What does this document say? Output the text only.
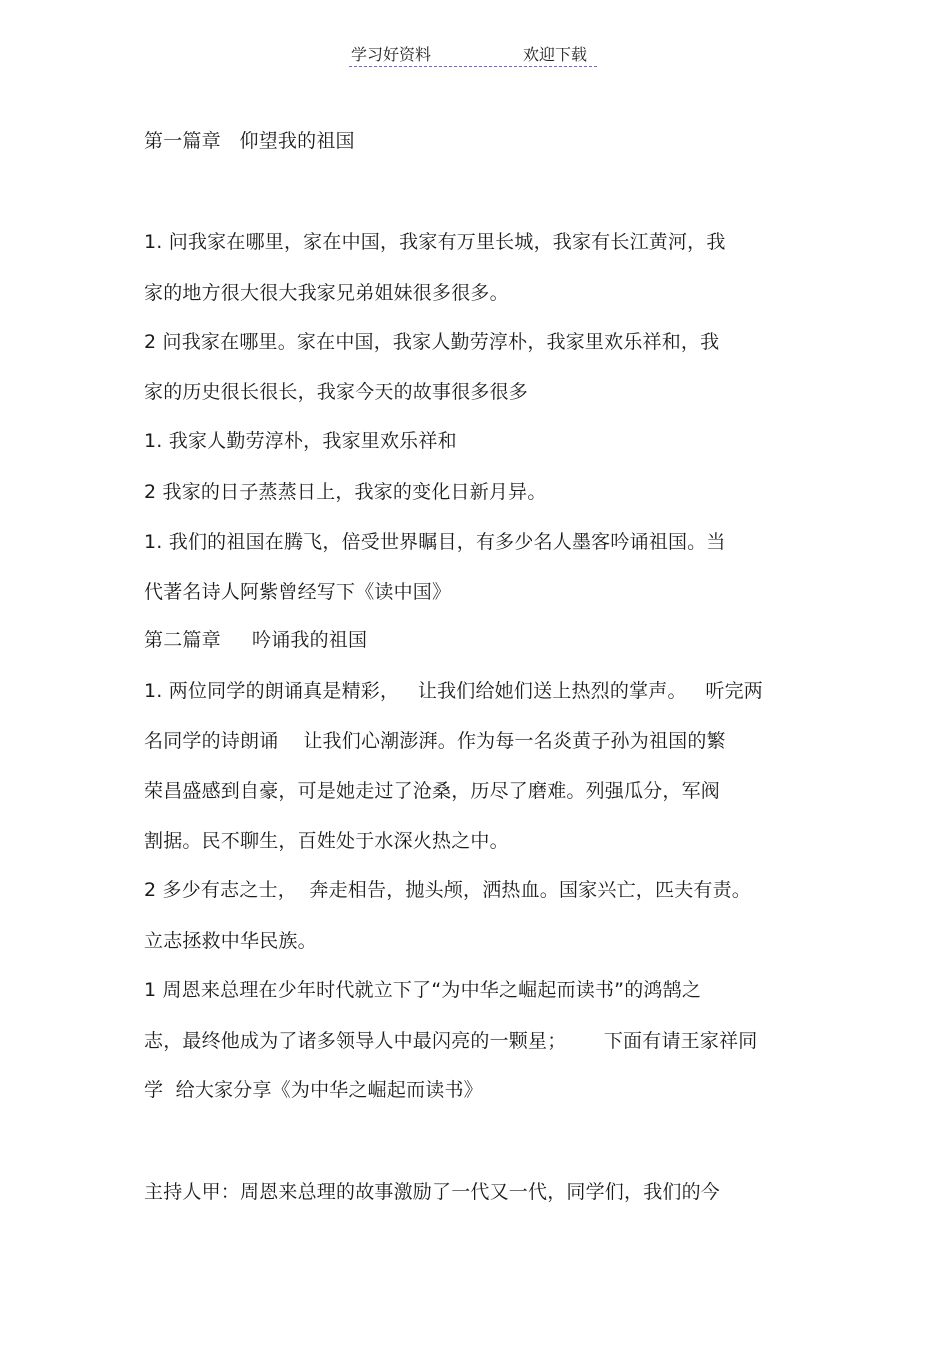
学习好资料	欢迎下载
第一篇章   仰望我的祖国
1. 问我家在哪里，家在中国，我家有万里长城，我家有长江黄河，我
家的地方很大很大我家兄弟姐妹很多很多。
2 问我家在哪里。家在中国，我家人勤劳淳朴，我家里欢乐祥和，我
家的历史很长很长，我家今天的故事很多很多
1. 我家人勤劳淳朴，我家里欢乐祥和
2 我家的日子蒸蒸日上，我家的变化日新月异。
1. 我们的祖国在腾飞，倍受世界瞩目，有多少名人墨客吟诵祖国。当
代著名诗人阿紫曾经写下《读中国》
第二篇章     吟诵我的祖国
1. 两位同学的朗诵真是精彩，   让我们给她们送上热烈的掌声。   听完两
名同学的诗朗诵    让我们心潮澎湃。作为每一名炎黄子孙为祖国的繁
荣昌盛感到自豪，可是她走过了沧桑，历尽了磨难。列强瓜分，军阀
割据。民不聊生，百姓处于水深火热之中。
2 多少有志之士，  奔走相告，抛头颅，洒热血。国家兴亡，匹夫有责。
立志拯救中华民族。
1 周恩来总理在少年时代就立下了“为中华之崛起而读书”的鸿鹄之
志，最终他成为了诸多领导人中最闪亮的一颗星；      下面有请王家祥同
学  给大家分享《为中华之崛起而读书》
主持人甲：周恩来总理的故事激励了一代又一代，同学们，我们的今
